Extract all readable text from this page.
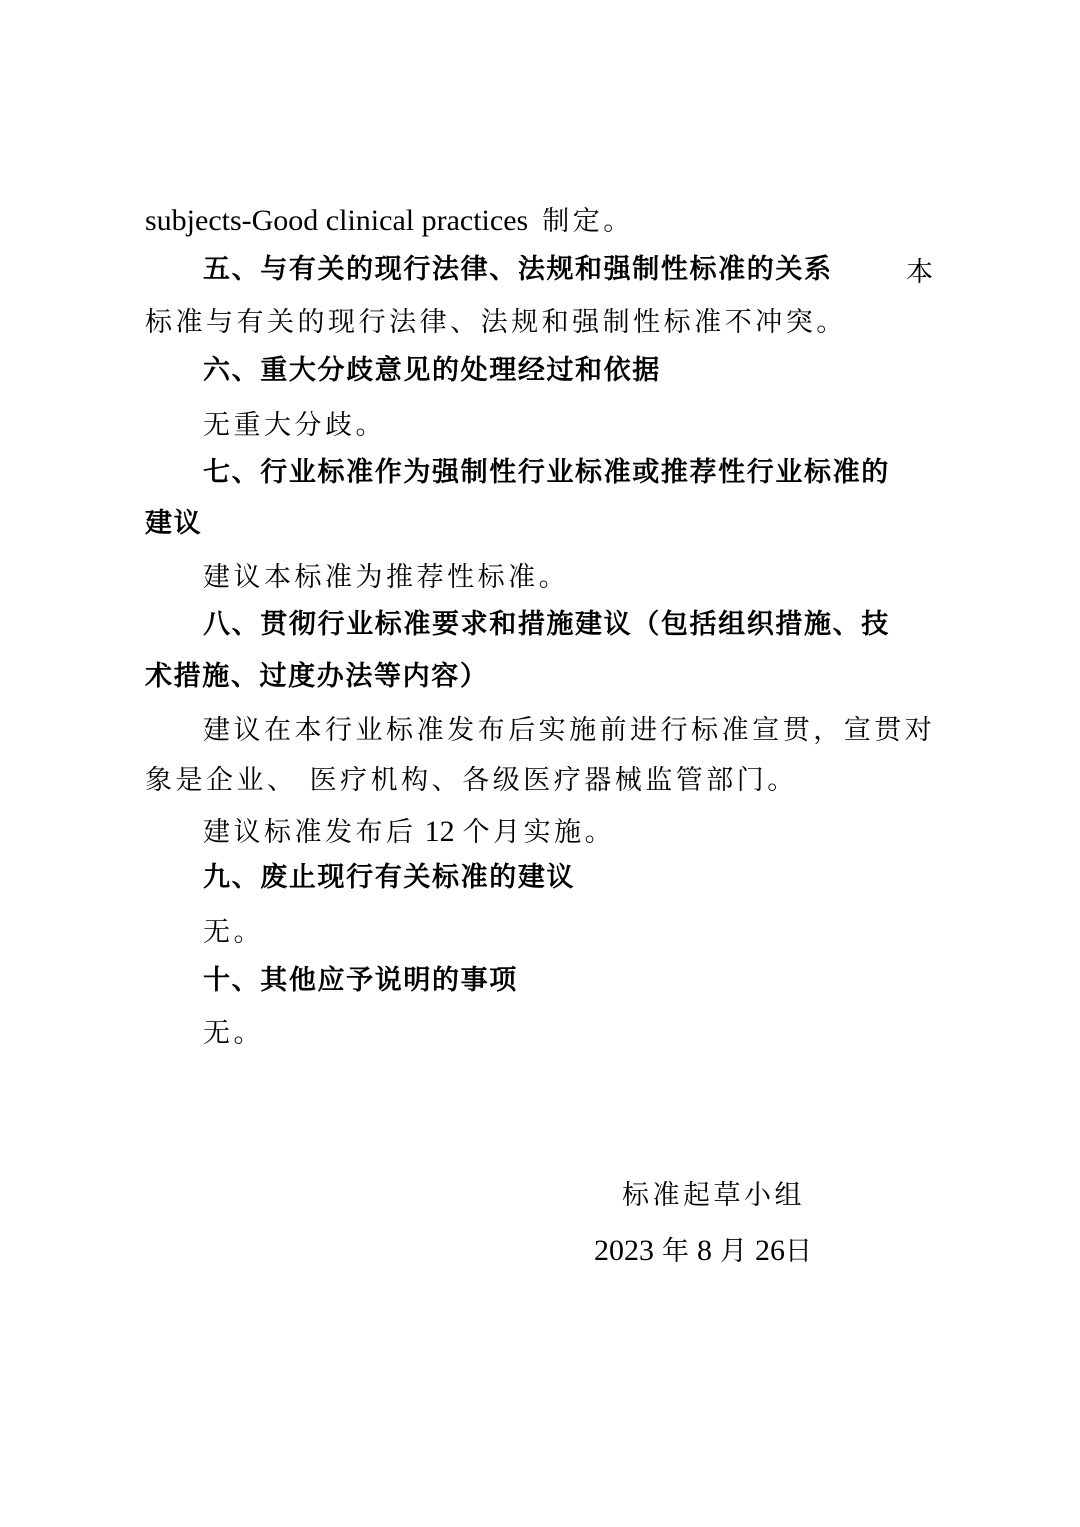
subjects-Good clinical practices 制定。

五、与有关的现行法律、法规和强制性标准的关系	本

标准与有关的现行法律、法规和强制性标准不冲突。

六、重大分歧意见的处理经过和依据

无重大分歧。

七、行业标准作为强制性行业标准或推荐性行业标准的

建议

建议本标准为推荐性标准。

八、贯彻行业标准要求和措施建议（包括组织措施、技

术措施、过度办法等内容）

建议在本行业标准发布后实施前进行标准宣贯，宣贯对

象是企业、 医疗机构、各级医疗器械监管部门。

建议标准发布后 12 个月实施。

九、废止现行有关标准的建议

无。

十、其他应予说明的事项

无。

标准起草小组

2023 年 8 月 26日
